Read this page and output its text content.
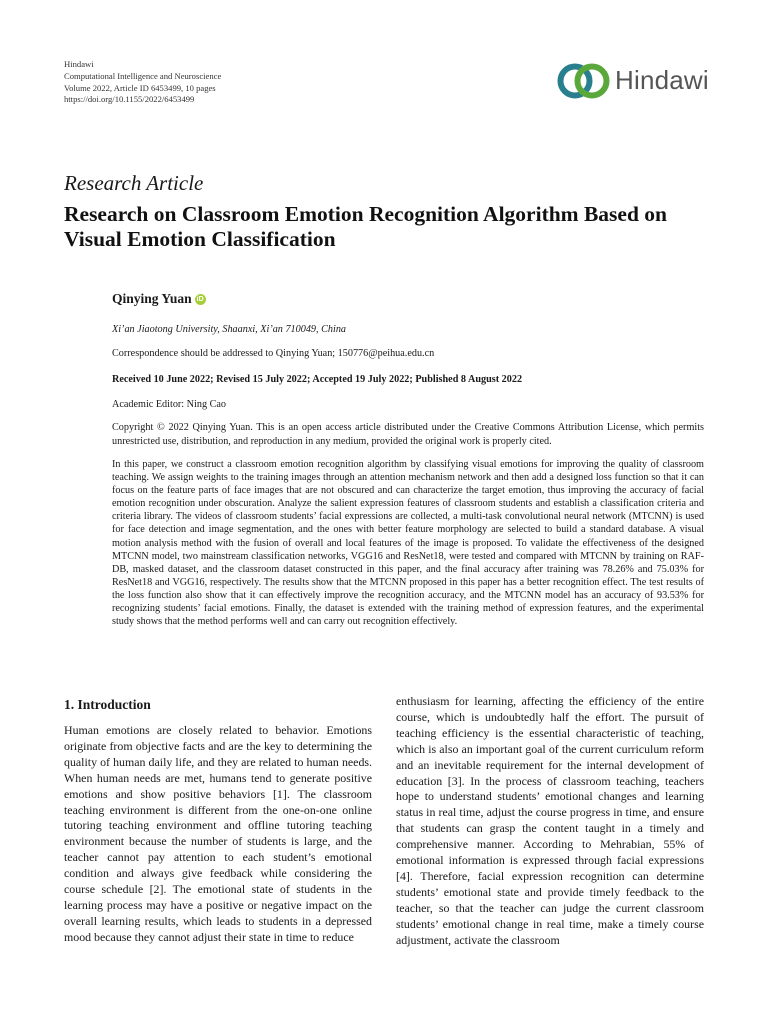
Hindawi
Computational Intelligence and Neuroscience
Volume 2022, Article ID 6453499, 10 pages
https://doi.org/10.1155/2022/6453499
Hindawi
Research Article
Research on Classroom Emotion Recognition Algorithm Based on Visual Emotion Classification
Qinying Yuan iD
Xi’an Jiaotong University, Shaanxi, Xi’an 710049, China
Correspondence should be addressed to Qinying Yuan; 150776@peihua.edu.cn
Received 10 June 2022; Revised 15 July 2022; Accepted 19 July 2022; Published 8 August 2022
Academic Editor: Ning Cao
Copyright © 2022 Qinying Yuan. This is an open access article distributed under the Creative Commons Attribution License, which permits unrestricted use, distribution, and reproduction in any medium, provided the original work is properly cited.
In this paper, we construct a classroom emotion recognition algorithm by classifying visual emotions for improving the quality of classroom teaching. We assign weights to the training images through an attention mechanism network and then add a designed loss function so that it can focus on the feature parts of face images that are not obscured and can characterize the target emotion, thus improving the accuracy of facial emotion recognition under obscuration. Analyze the salient expression features of classroom students and establish a classification criteria and criteria library. The videos of classroom students’ facial expressions are collected, a multi-task convolutional neural network (MTCNN) is used for face detection and image segmentation, and the ones with better feature morphology are selected to build a standard database. A visual motion analysis method with the fusion of overall and local features of the image is proposed. To validate the effectiveness of the designed MTCNN model, two mainstream classification networks, VGG16 and ResNet18, were tested and compared with MTCNN by training on RAF-DB, masked dataset, and the classroom dataset constructed in this paper, and the final accuracy after training was 78.26% and 75.03% for ResNet18 and VGG16, respectively. The results show that the MTCNN proposed in this paper has a better recognition effect. The test results of the loss function also show that it can effectively improve the recognition accuracy, and the MTCNN model has an accuracy of 93.53% for recognizing students’ facial emotions. Finally, the dataset is extended with the training method of expression features, and the experimental study shows that the method performs well and can carry out recognition effectively.
1. Introduction
Human emotions are closely related to behavior. Emotions originate from objective facts and are the key to determining the quality of human daily life, and they are related to human needs. When human needs are met, humans tend to generate positive emotions and show positive behaviors [1]. The classroom teaching environment is different from the one-on-one online tutoring teaching environment and offline tutoring teaching environment because the number of students is large, and the teacher cannot pay attention to each student’s emotional condition and always give feedback while considering the course schedule [2]. The emotional state of students in the learning process may have a positive or negative impact on the overall learning results, which leads to students in a depressed mood because they cannot adjust their state in time to reduce
enthusiasm for learning, affecting the efficiency of the entire course, which is undoubtedly half the effort. The pursuit of teaching efficiency is the essential characteristic of teaching, which is also an important goal of the current curriculum reform and an inevitable requirement for the internal development of education [3]. In the process of classroom teaching, teachers hope to understand students’ emotional changes and learning status in real time, adjust the course progress in time, and ensure that students can grasp the content taught in a timely and comprehensive manner. According to Mehrabian, 55% of emotional information is expressed through facial expressions [4]. Therefore, facial expression recognition can determine students’ emotional state and provide timely feedback to the teacher, so that the teacher can judge the current classroom students’ emotional change in real time, make a timely course adjustment, activate the classroom
